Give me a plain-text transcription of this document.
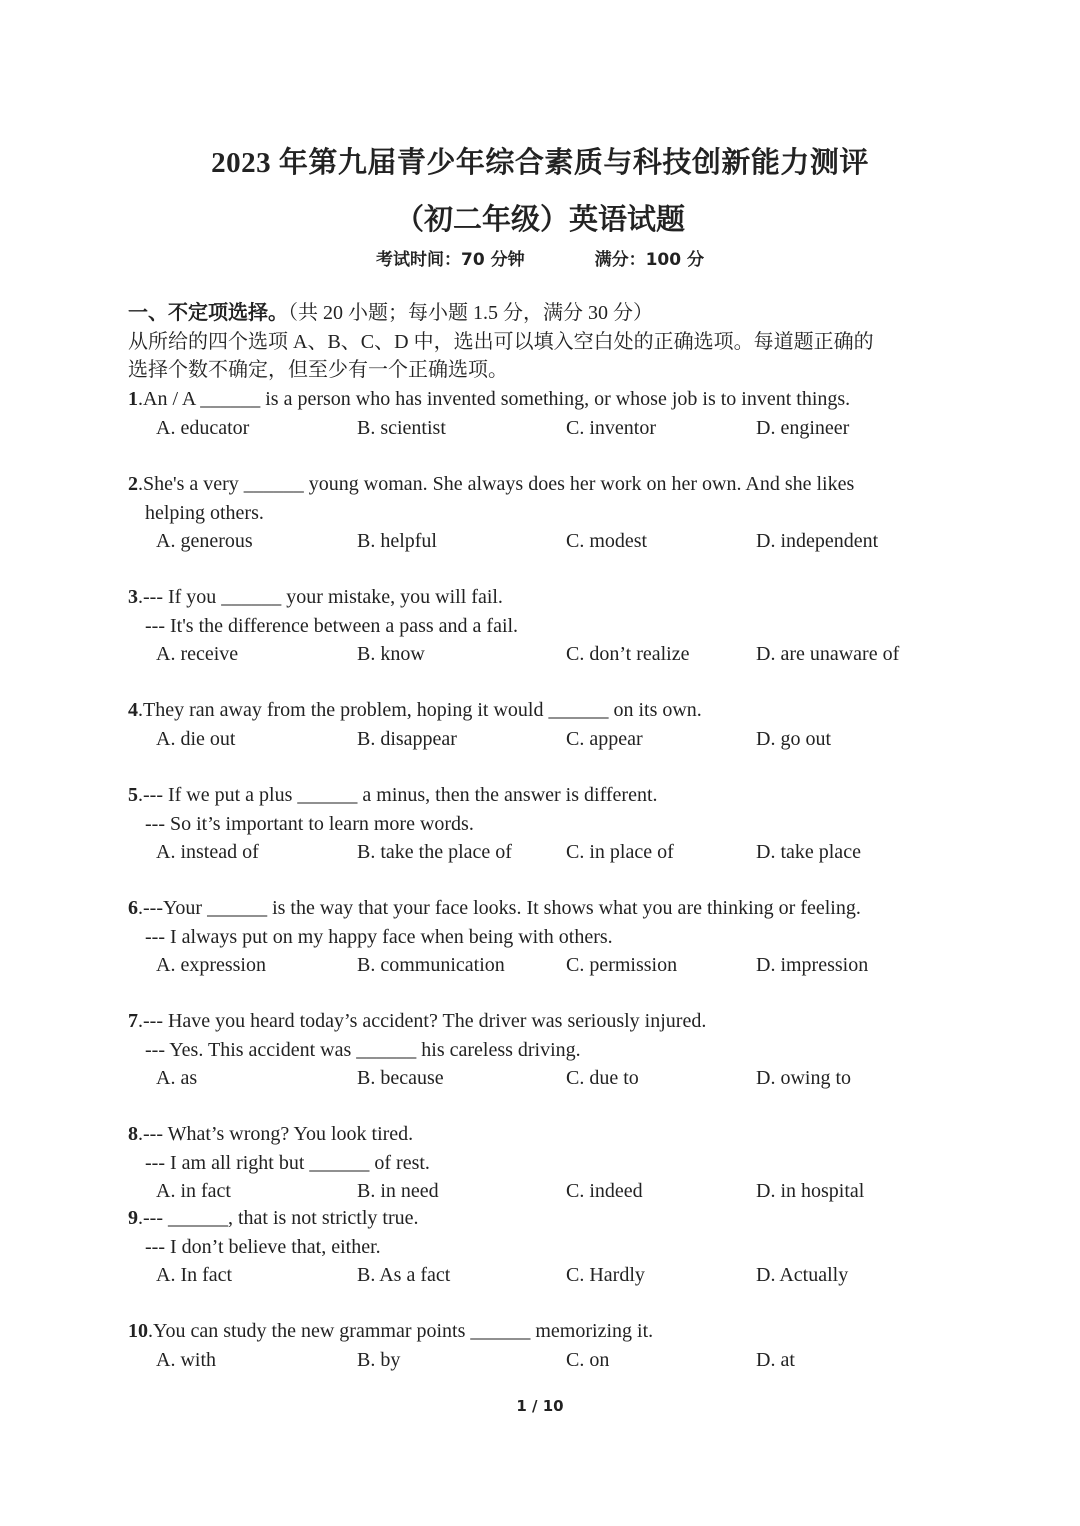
2023 年第九届青少年综合素质与科技创新能力测评
（初二年级）英语试题
考试时间：70 分钟	满分：100 分
一、不定项选择。（共 20 小题；每小题 1.5 分，满分 30 分）
从所给的四个选项 A、B、C、D 中，选出可以填入空白处的正确选项。每道题正确的
选择个数不确定，但至少有一个正确选项。
1.An / A ______ is a person who has invented something, or whose job is to invent things.
A. educator	B. scientist	C. inventor	D. engineer
2.She's a very ______ young woman. She always does her work on her own. And she likes
helping others.
A. generous	B. helpful	C. modest	D. independent
3.--- If you ______ your mistake, you will fail.
--- It's the difference between a pass and a fail.
A. receive	B. know	C. don’t realize	D. are unaware of
4.They ran away from the problem, hoping it would ______ on its own.
A. die out	B. disappear	C. appear	D. go out
5.--- If we put a plus ______ a minus, then the answer is different.
--- So it’s important to learn more words.
A. instead of	B. take the place of	C. in place of	D. take place
6.---Your ______ is the way that your face looks. It shows what you are thinking or feeling.
--- I always put on my happy face when being with others.
A. expression	B. communication	C. permission	D. impression
7.--- Have you heard today’s accident? The driver was seriously injured.
--- Yes. This accident was ______ his careless driving.
A. as	B. because	C. due to	D. owing to
8.--- What’s wrong? You look tired.
--- I am all right but ______ of rest.
A. in fact	B. in need	C. indeed	D. in hospital
9.--- ______, that is not strictly true.
--- I don’t believe that, either.
A. In fact	B. As a fact	C. Hardly	D. Actually
10.You can study the new grammar points ______ memorizing it.
A. with	B. by	C. on	D. at
1 / 10
